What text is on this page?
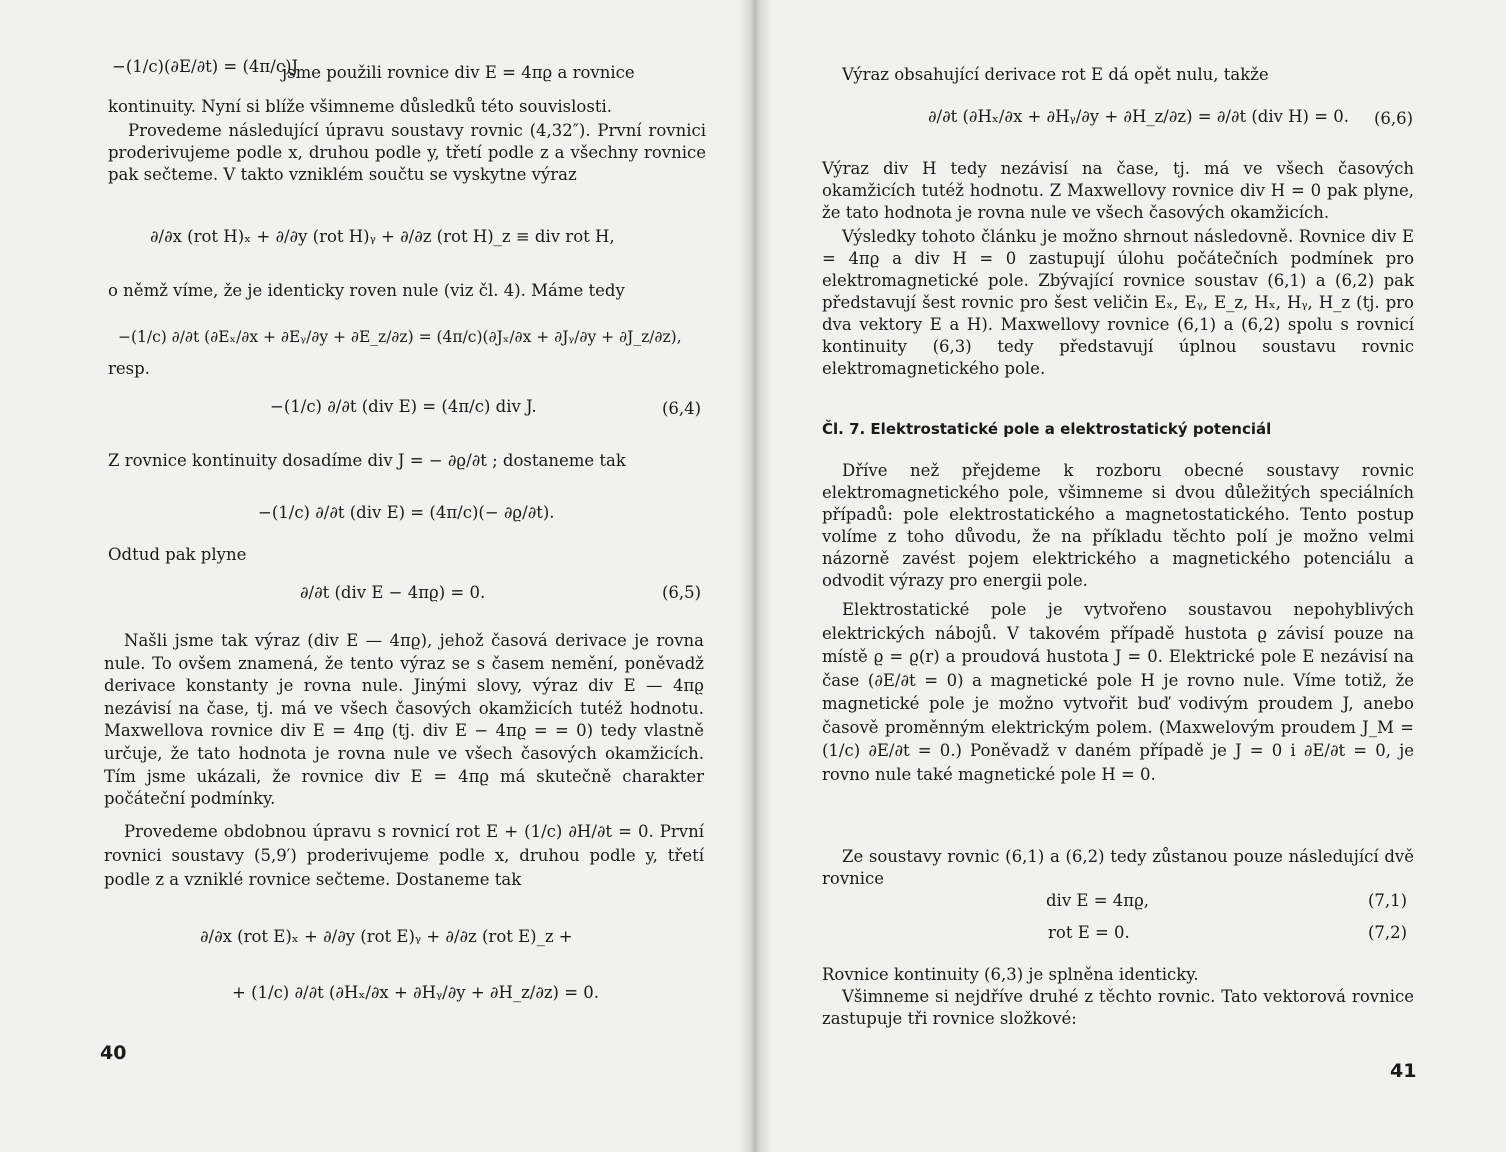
−(1/c)(∂E/∂t) = (4π/c)J
jsme použili rovnice div E = 4πϱ a rovnice
kontinuity. Nyní si blíže všimneme důsledků této souvislosti.
Provedeme následující úpravu soustavy rovnic (4,32″). První rovnici proderivujeme podle x, druhou podle y, třetí podle z a všechny rovnice pak sečteme. V takto vzniklém součtu se vyskytne výraz
∂/∂x (rot H)ₓ + ∂/∂y (rot H)ᵧ + ∂/∂z (rot H)_z ≡ div rot H,
o němž víme, že je identicky roven nule (viz čl. 4). Máme tedy
−(1/c) ∂/∂t (∂Eₓ/∂x + ∂Eᵧ/∂y + ∂E_z/∂z) = (4π/c)(∂Jₓ/∂x + ∂Jᵧ/∂y + ∂J_z/∂z),
resp.
−(1/c) ∂/∂t (div E) = (4π/c) div J.	(6,4)
Z rovnice kontinuity dosadíme div J = − ∂ϱ/∂t ; dostaneme tak
−(1/c) ∂/∂t (div E) = (4π/c)(− ∂ϱ/∂t).
Odtud pak plyne
∂/∂t (div E − 4πϱ) = 0.	(6,5)
Našli jsme tak výraz (div E — 4πϱ), jehož časová derivace je rovna nule. To ovšem znamená, že tento výraz se s časem nemění, poněvadž derivace konstanty je rovna nule. Jinými slovy, výraz div E — 4πϱ nezávisí na čase, tj. má ve všech časových okamžicích tutéž hodnotu. Maxwellova rovnice div E = 4πϱ (tj. div E − 4πϱ = = 0) tedy vlastně určuje, že tato hodnota je rovna nule ve všech časových okamžicích. Tím jsme ukázali, že rovnice div E = 4πϱ má skutečně charakter počáteční podmínky.
Provedeme obdobnou úpravu s rovnicí rot E + (1/c) ∂H/∂t = 0. První rovnici soustavy (5,9′) proderivujeme podle x, druhou podle y, třetí podle z a vzniklé rovnice sečteme. Dostaneme tak
∂/∂x (rot E)ₓ + ∂/∂y (rot E)ᵧ + ∂/∂z (rot E)_z +
+ (1/c) ∂/∂t (∂Hₓ/∂x + ∂Hᵧ/∂y + ∂H_z/∂z) = 0.
40
Výraz obsahující derivace rot E dá opět nulu, takže
∂/∂t (∂Hₓ/∂x + ∂Hᵧ/∂y + ∂H_z/∂z) = ∂/∂t (div H) = 0. (6,6)
Výraz div H tedy nezávisí na čase, tj. má ve všech časových okamžicích tutéž hodnotu. Z Maxwellovy rovnice div H = 0 pak plyne, že tato hodnota je rovna nule ve všech časových okamžicích.
Výsledky tohoto článku je možno shrnout následovně. Rovnice div E = 4πϱ a div H = 0 zastupují úlohu počátečních podmínek pro elektromagnetické pole. Zbývající rovnice soustav (6,1) a (6,2) pak představují šest rovnic pro šest veličin Eₓ, Eᵧ, E_z, Hₓ, Hᵧ, H_z (tj. pro dva vektory E a H). Maxwellovy rovnice (6,1) a (6,2) spolu s rovnicí kontinuity (6,3) tedy představují úplnou soustavu rovnic elektromagnetického pole.
Čl. 7. Elektrostatické pole a elektrostatický potenciál
Dříve než přejdeme k rozboru obecné soustavy rovnic elektromagnetického pole, všimneme si dvou důležitých speciálních případů: pole elektrostatického a magnetostatického. Tento postup volíme z toho důvodu, že na příkladu těchto polí je možno velmi názorně zavést pojem elektrického a magnetického potenciálu a odvodit výrazy pro energii pole.
Elektrostatické pole je vytvořeno soustavou nepohyblivých elektrických nábojů. V takovém případě hustota ϱ závisí pouze na místě ϱ = ϱ(r) a proudová hustota J = 0. Elektrické pole E nezávisí na čase (∂E/∂t = 0) a magnetické pole H je rovno nule. Víme totiž, že magnetické pole je možno vytvořit buď vodivým proudem J, anebo časově proměnným elektrickým polem. (Maxwelovým proudem J_M = (1/c) ∂E/∂t = 0.) Poněvadž v daném případě je J = 0 i ∂E/∂t = 0, je rovno nule také magnetické pole H = 0.
Ze soustavy rovnic (6,1) a (6,2) tedy zůstanou pouze následující dvě rovnice
div E = 4πϱ,	(7,1)
rot E = 0.	(7,2)
Rovnice kontinuity (6,3) je splněna identicky.
Všimneme si nejdříve druhé z těchto rovnic. Tato vektorová rovnice zastupuje tři rovnice složkové:
41
